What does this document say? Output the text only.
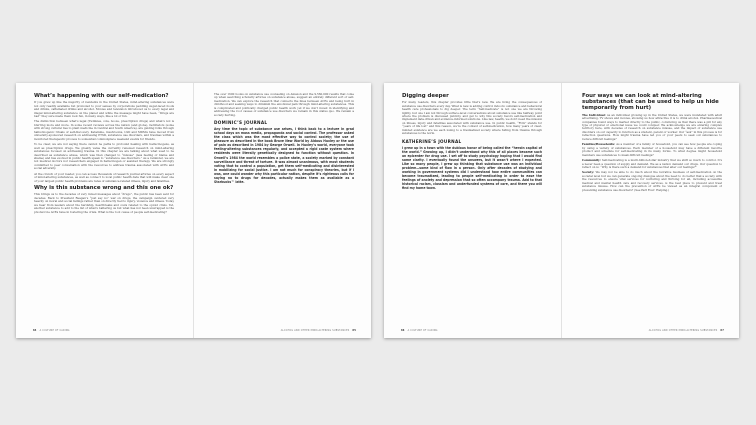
What’s happening with our self-medication?

If you grew up like the majority of residents in the United States, mind-altering substances were not only readily available but promoted to your senses by corporations peddling sugar-laced foods and drinks, caffeinated drinks and alcohol. Movies and television introduced us to every legal and illegal mind-altering substance on the planet and while the message might have been, “Drugs are bad” they sure made them look fun, in many ways, like a lot of fun.

The distinction between what’s legal (Twinkies, cola, booze, prescription drugs) and what’s not is blurring more and more. In some recent reviews across the nation (and globe), facilitators (some with strong cultural ties to plant medicine in Central and South America), are guiding folks through hallucinogenic rituals of self-discovery. Ketamine, mushrooms, LSD and MDMA have moved from university-sponsored research on addressing PTSD, substance use disorders, and traumas within a monitored therapeutic process to somewhat commonplace weekend events for friends.

To be clear, we are not saying there cannot be paths to profound healing with hallucinogens, as well as prescription drugs. We greatly value the currently renewed research on mind-altering substances focused on addressing trauma. In this chapter we are talking about what used to be described as substance abuse, which was then changed to “misuse” (less feeling of blame and shame) and has evolved in public health speak to “substance use disorders.” As a reminder, we are not medical doctors nor researchers engaged in hallucinogen or assisted therapy. We are strongly committed to peer conversation with the resources to address trauma associated with ACEs and social adversity.

At the crunch of your reader, you can access thousands of research journal articles on every aspect of mind-altering substances, as well as connect to local public health data that will make clear one of your largest public health problems are rates of substance-related illness, injury and fatalities.

Why is this substance wrong and this one ok?

This brings us to the decades of very mixed messages about “drugs”, the public has been sent for decades. Back to President Reagan’s “just say no” war on drugs, the campaign centered very heavily on moral and social failings rather than on directly tied to injury, violence and illness. Today we hear from leaders about the hardship, heartbreaks and costs related to the opioid crisis. Yet, another substance to add to the list of what’s battering us but what has not been unwrapped is the pivotal role ACEs have in fostering the crisis. What is the root cause of people self-medicating?

84 A CULTURE OF CARING

The over 1600 books on substance use counseling on Amazon and the 9,560,000 results that come up when searching scholarly articles on substance abuse, suggest an entirely different sort of self-medication. We can explore the research that connects the lines between ACEs and being hurt in childhood and seeking ways to diminish the emotional pain through mind-altering substances. This is complicated and politically charged public health work yet if we don’t invest in identifying and addressing the root causes of substance use disorders we remain in this status quo. We remain a society hurting.

DOMINIC’S JOURNAL

Any time the topic of substance use arises, I think back to a lecture in grad school days on mass media, propaganda and social control. The professor asked the class which was the most effective way to control society; the use of pleasure as described in the book Brave New World by Aldous Huxley or the use of pain as described in 1984 by George Orwell. In Huxley’s world, everyone took feeling-altering substances regularly, and accepted a rigid caste system where residents were literally genetically designed to function without question. In Orwell’s 1984 the world resembles a police state, a society marked by constant surveillance and threat of torture. It was almost unanimous, with most students voting that to control a population, get them self-medicating and disinterested in mobilizing for social justice. I am not much for conspiracy theories, but if I was, one could wonder why this particular nation, despite it’s righteous calls for saying no to drugs for decades, actually makes them as available as a Starbucks™ latte.

ALCOHOL AND OTHER MIND-ALTERING SUBSTANCES 85
Digging deeper

For many readers, this chapter provides little that’s new. We are living the consequences of substance use disorders every day. What is new is adding control indoors: substance and behavioral health care professionals to dig deeper. The term “Self-medicate” is not one we are throwing lightly, but one I am not through surface-level conversations about substance use like halfway point where the problem is discussed publicly, and get to why this society favors self-medication and implement data-driven and evidence-informed solutions. Like law, health, we don’t need the mission on illness, injury and fatalities associated with substance use. In public health, “FOG” stands for “years of life lost” and this reason, we’re the context of self-medication, how many years of clear-minded existence are we each losing to a traumatized society where hiding from trauma through substances is the norm.

KATHERINE’S JOURNAL

I grew up in a town with the dubious honor of being called the “heroin capital of the world.” Growing up, I didn’t understand why this of all places became such an epicenter for drug use. I set off to study psychology hoping that I would find some clarity. I eventually found the answers, but it wasn’t where I expected. Like so many people, I grew up thinking that substance use was an individual problem—some kind of flaw in a person. Only after decades of studying and working in government systems did I understand how entire communities can become traumatized, leading to people self-medicating in order to ease the feelings of anxiety and depression that so often accompany trauma. Add to that historical racism, classism and underfunded systems of care, and there you will find my home town.

86 A CULTURE OF CARING
Four ways we can look at mind-altering substances (that can be used to help us hide temporarily from hurt)

The Individual: As an individual growing up in the United States, we were inundated with adult advertising, TV shows and movies, showing us how attractive it is to drink alcohol. Pharmaceutical companies found ways to market directly to the public, convincing us that there was a pill for any type of physical or emotional issue we could conquer. We acknowledge we are entering complex territory here, with decades of research on substance misuse, and the impact of substance use disorders on our capacity to function as a student, parent or worker. Our “ask” in this process is for reflection questions. How might trauma have led you or your peers to seek out substances to reduce difficult feelings?

Families/Households: As a member of a family or household, you can see how people are coping by using a variety of substances. Each member of a household may have a different favorite product and schedule for self-medicating in its many forms. To what degree might household members use substances to mask difficult feelings?

Community: Self-medicating is a multi-billion-dollar industry that we shift so much to control. It’s a never been a question of supply and demand. We as a nation demand our drugs. Our question to reflect on is: “Why is there such a demand for substances that alter our feelings?”

Society: We may not be able to do much about the lucrative business of self-medication on the societal level but we can generate ongoing dialogue about the need to do better that a society with the resources to ensure vital services for nurturing and thriving for all, including accessible medical and mental health care and recovery services, is the best place to prevent and treat substance misuse. How can the prevention of ACEs be viewed as an integral component of preventing substance use disorders? (See Part Four: Helping.)

ALCOHOL AND OTHER MIND-ALTERING SUBSTANCES 87
